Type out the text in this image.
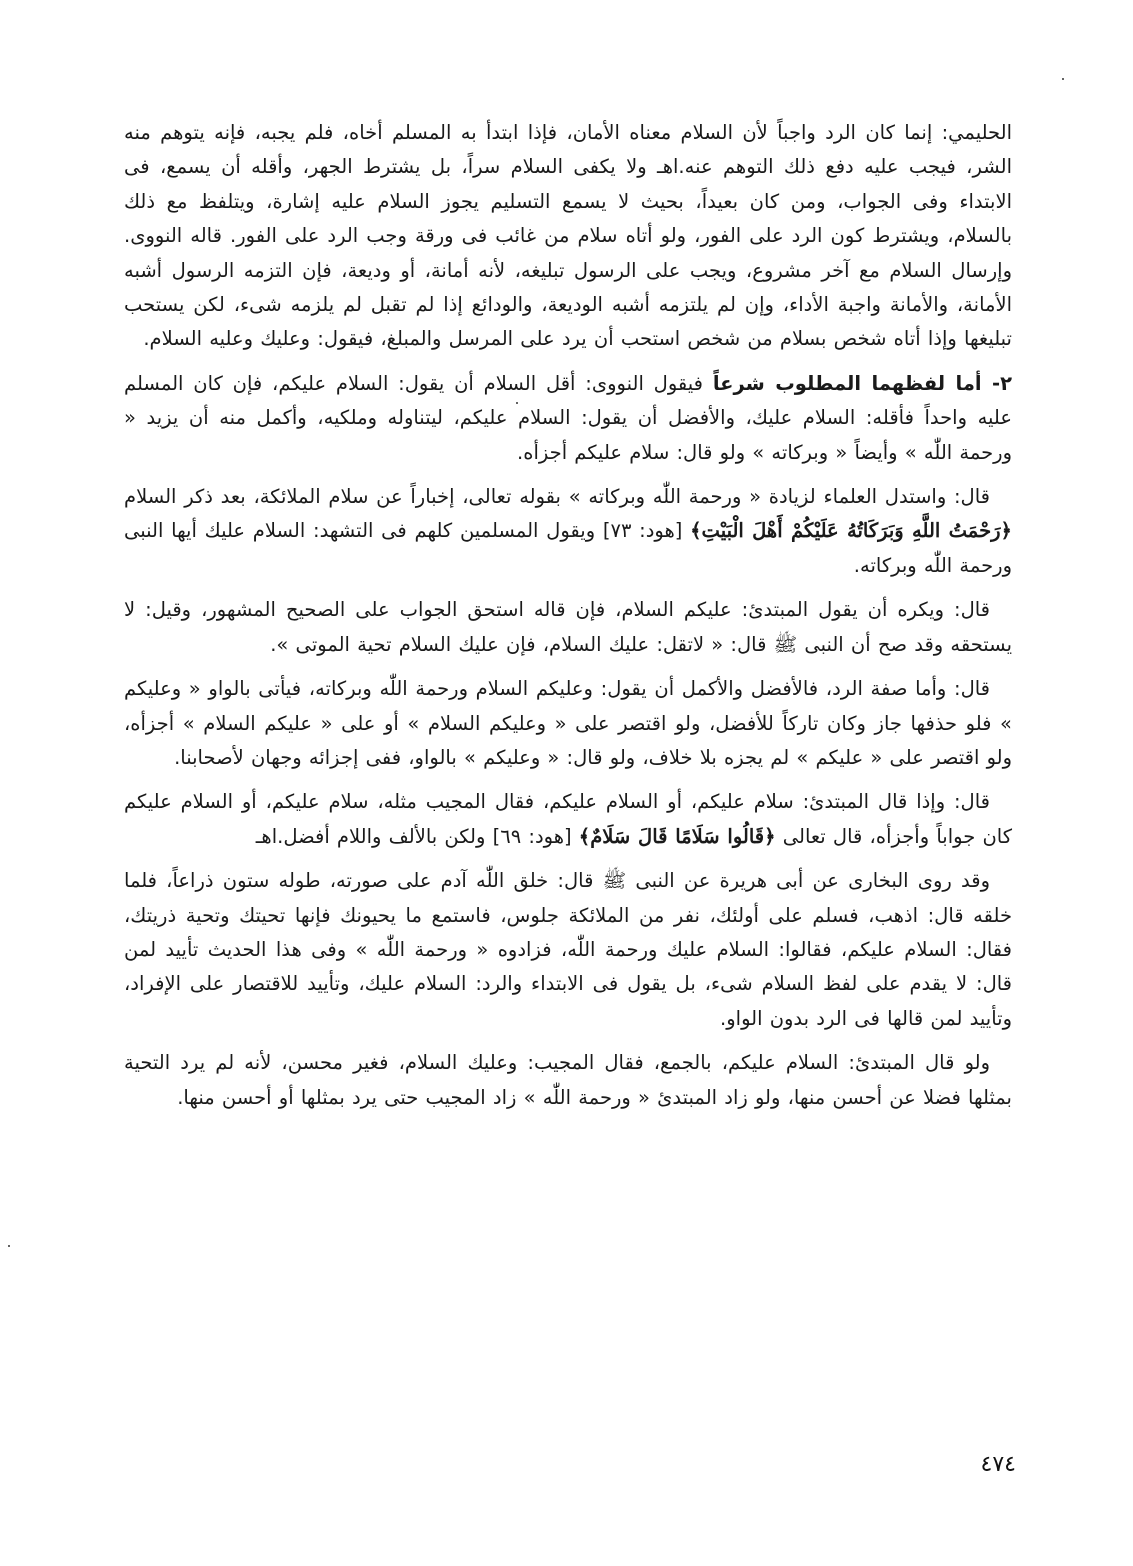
الحليمي: إنما كان الرد واجباً لأن السلام معناه الأمان، فإذا ابتدأ به المسلم أخاه، فلم يجبه، فإنه يتوهم منه الشر، فيجب عليه دفع ذلك التوهم عنه.اهـ ولا يكفى السلام سراً، بل يشترط الجهر، وأقله أن يسمع، فى الابتداء وفى الجواب، ومن كان بعيداً، بحيث لا يسمع التسليم يجوز السلام عليه إشارة، ويتلفظ مع ذلك بالسلام، ويشترط كون الرد على الفور، ولو أتاه سلام من غائب فى ورقة وجب الرد على الفور. قاله النووى. وإرسال السلام مع آخر مشروع، ويجب على الرسول تبليغه، لأنه أمانة، أو وديعة، فإن التزمه الرسول أشبه الأمانة، والأمانة واجبة الأداء، وإن لم يلتزمه أشبه الوديعة، والودائع إذا لم تقبل لم يلزمه شىء، لكن يستحب تبليغها وإذا أتاه شخص بسلام من شخص استحب أن يرد على المرسل والمبلغ، فيقول: وعليك وعليه السلام.

٢- أما لفظهما المطلوب شرعاً فيقول النووى: أقل السلام أن يقول: السلام عليكم، فإن كان المسلم عليه واحداً فأقله: السلام عليك، والأفضل أن يقول: السلام عليكم، ليتناوله وملكيه، وأكمل منه أن يزيد « ورحمة اللّٰه » وأيضاً « وبركاته » ولو قال: سلام عليكم أجزأه.

قال: واستدل العلماء لزيادة « ورحمة اللّٰه وبركاته » بقوله تعالى، إخباراً عن سلام الملائكة، بعد ذكر السلام ﴿رَحْمَتُ اللَّهِ وَبَرَكَاتُهُ عَلَيْكُمْ أَهْلَ الْبَيْتِ﴾ [هود: ٧٣] ويقول المسلمين كلهم فى التشهد: السلام عليك أيها النبى ورحمة اللّٰه وبركاته.

قال: ويكره أن يقول المبتدئ: عليكم السلام، فإن قاله استحق الجواب على الصحيح المشهور، وقيل: لا يستحقه وقد صح أن النبى ﷺ قال: « لاتقل: عليك السلام، فإن عليك السلام تحية الموتى ».

قال: وأما صفة الرد، فالأفضل والأكمل أن يقول: وعليكم السلام ورحمة اللّٰه وبركاته، فيأتى بالواو « وعليكم » فلو حذفها جاز وكان تاركاً للأفضل، ولو اقتصر على « وعليكم السلام » أو على « عليكم السلام » أجزأه، ولو اقتصر على « عليكم » لم يجزه بلا خلاف، ولو قال: « وعليكم » بالواو، ففى إجزائه وجهان لأصحابنا.

قال: وإذا قال المبتدئ: سلام عليكم، أو السلام عليكم، فقال المجيب مثله، سلام عليكم، أو السلام عليكم كان جواباً وأجزأه، قال تعالى ﴿قَالُوا سَلَامًا قَالَ سَلَامٌ﴾ [هود: ٦٩] ولكن بالألف واللام أفضل.اهـ

وقد روى البخارى عن أبى هريرة عن النبى ﷺ قال: خلق اللّٰه آدم على صورته، طوله ستون ذراعاً، فلما خلقه قال: اذهب، فسلم على أولئك، نفر من الملائكة جلوس، فاستمع ما يحيونك فإنها تحيتك وتحية ذريتك، فقال: السلام عليكم، فقالوا: السلام عليك ورحمة اللّٰه، فزادوه « ورحمة اللّٰه » وفى هذا الحديث تأييد لمن قال: لا يقدم على لفظ السلام شىء، بل يقول فى الابتداء والرد: السلام عليك، وتأييد للاقتصار على الإفراد، وتأييد لمن قالها فى الرد بدون الواو.

ولو قال المبتدئ: السلام عليكم، بالجمع، فقال المجيب: وعليك السلام، فغير محسن، لأنه لم يرد التحية بمثلها فضلا عن أحسن منها، ولو زاد المبتدئ « ورحمة اللّٰه » زاد المجيب حتى يرد بمثلها أو أحسن منها.

٤٧٤
